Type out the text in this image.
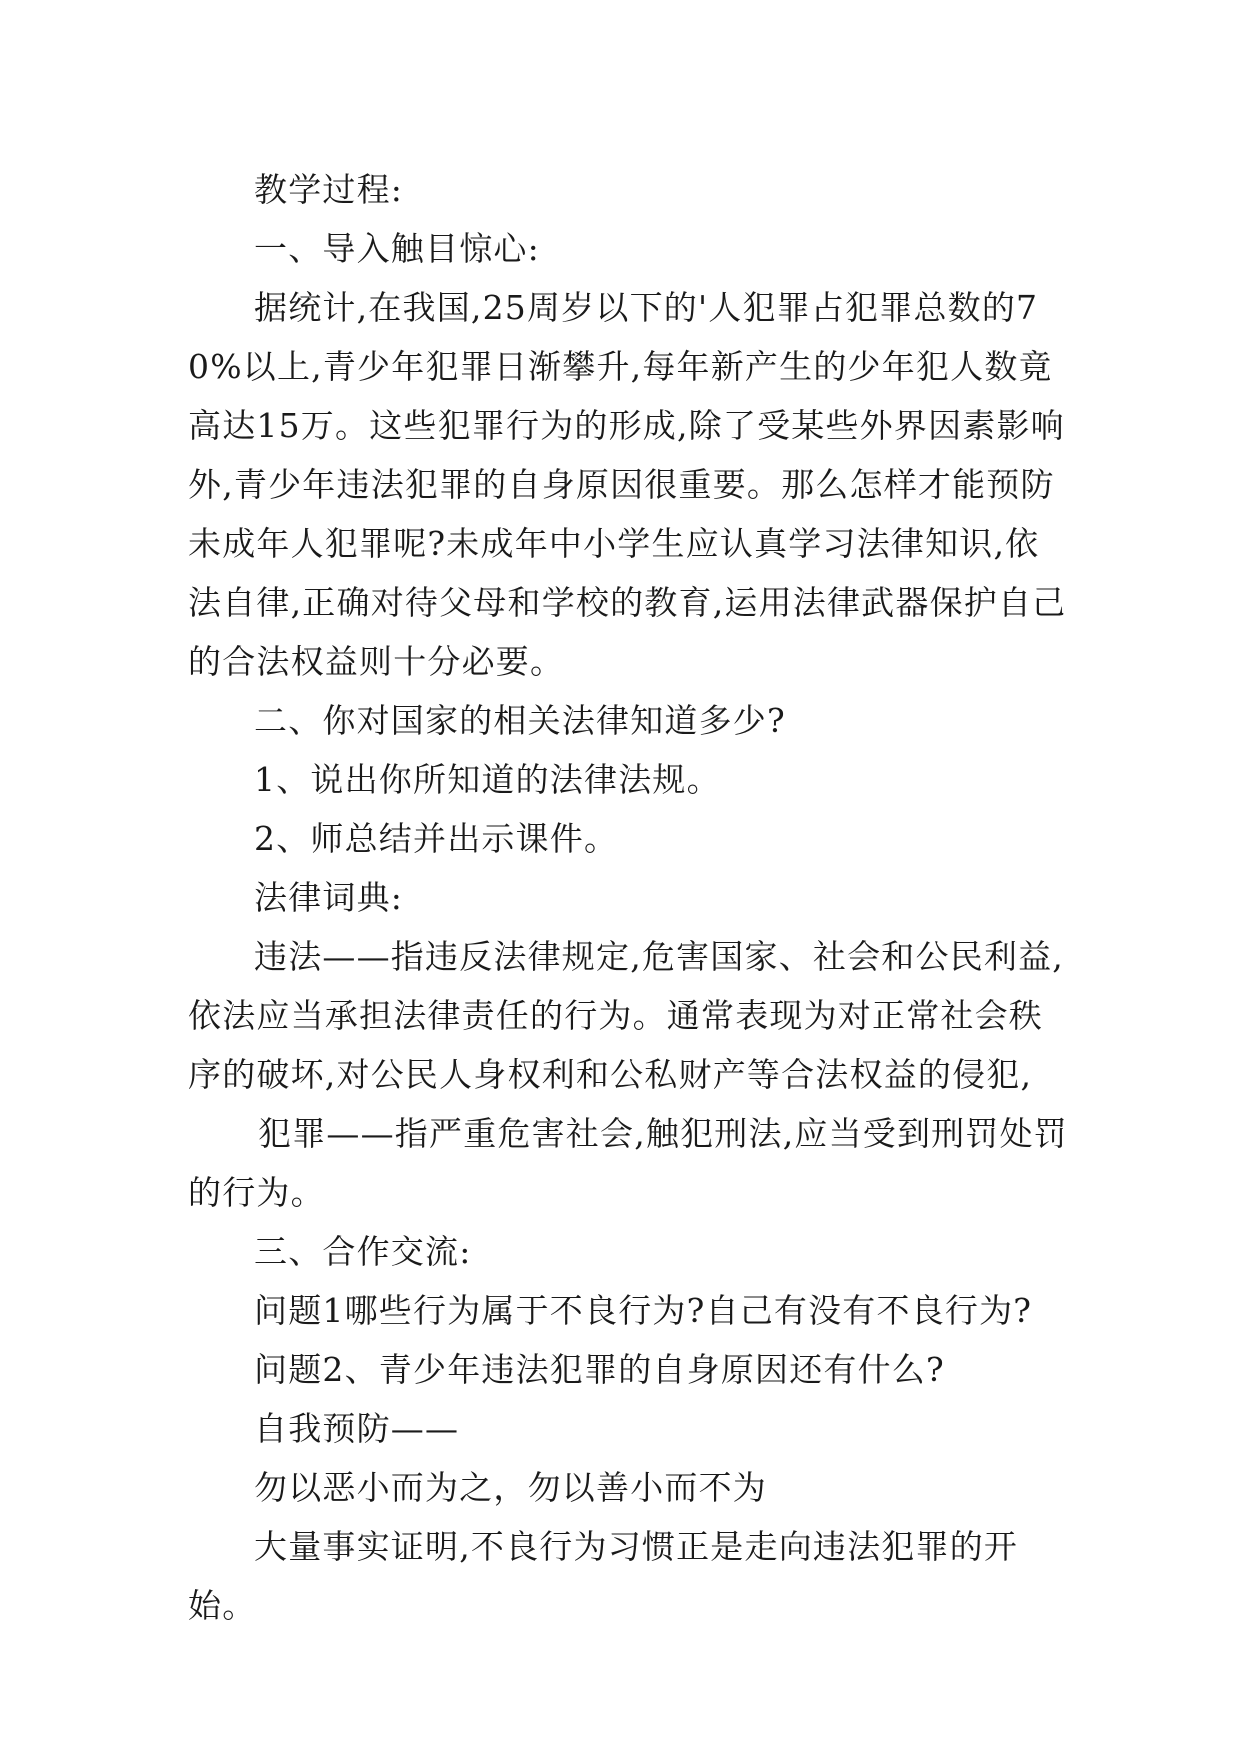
教学过程:

一、导入触目惊心:

据统计,在我国,25周岁以下的'人犯罪占犯罪总数的70%以上,青少年犯罪日渐攀升,每年新产生的少年犯人数竟高达15万。这些犯罪行为的形成,除了受某些外界因素影响外,青少年违法犯罪的自身原因很重要。那么怎样才能预防未成年人犯罪呢?未成年中小学生应认真学习法律知识,依法自律,正确对待父母和学校的教育,运用法律武器保护自己的合法权益则十分必要。

二、你对国家的相关法律知道多少?

1、说出你所知道的法律法规。

2、师总结并出示课件。

法律词典:

违法——指违反法律规定,危害国家、社会和公民利益,依法应当承担法律责任的行为。通常表现为对正常社会秩序的破坏,对公民人身权利和公私财产等合法权益的侵犯,

犯罪——指严重危害社会,触犯刑法,应当受到刑罚处罚的行为。

三、合作交流:

问题1哪些行为属于不良行为?自己有没有不良行为?

问题2、青少年违法犯罪的自身原因还有什么?

自我预防——

勿以恶小而为之，勿以善小而不为

大量事实证明,不良行为习惯正是走向违法犯罪的开始。
